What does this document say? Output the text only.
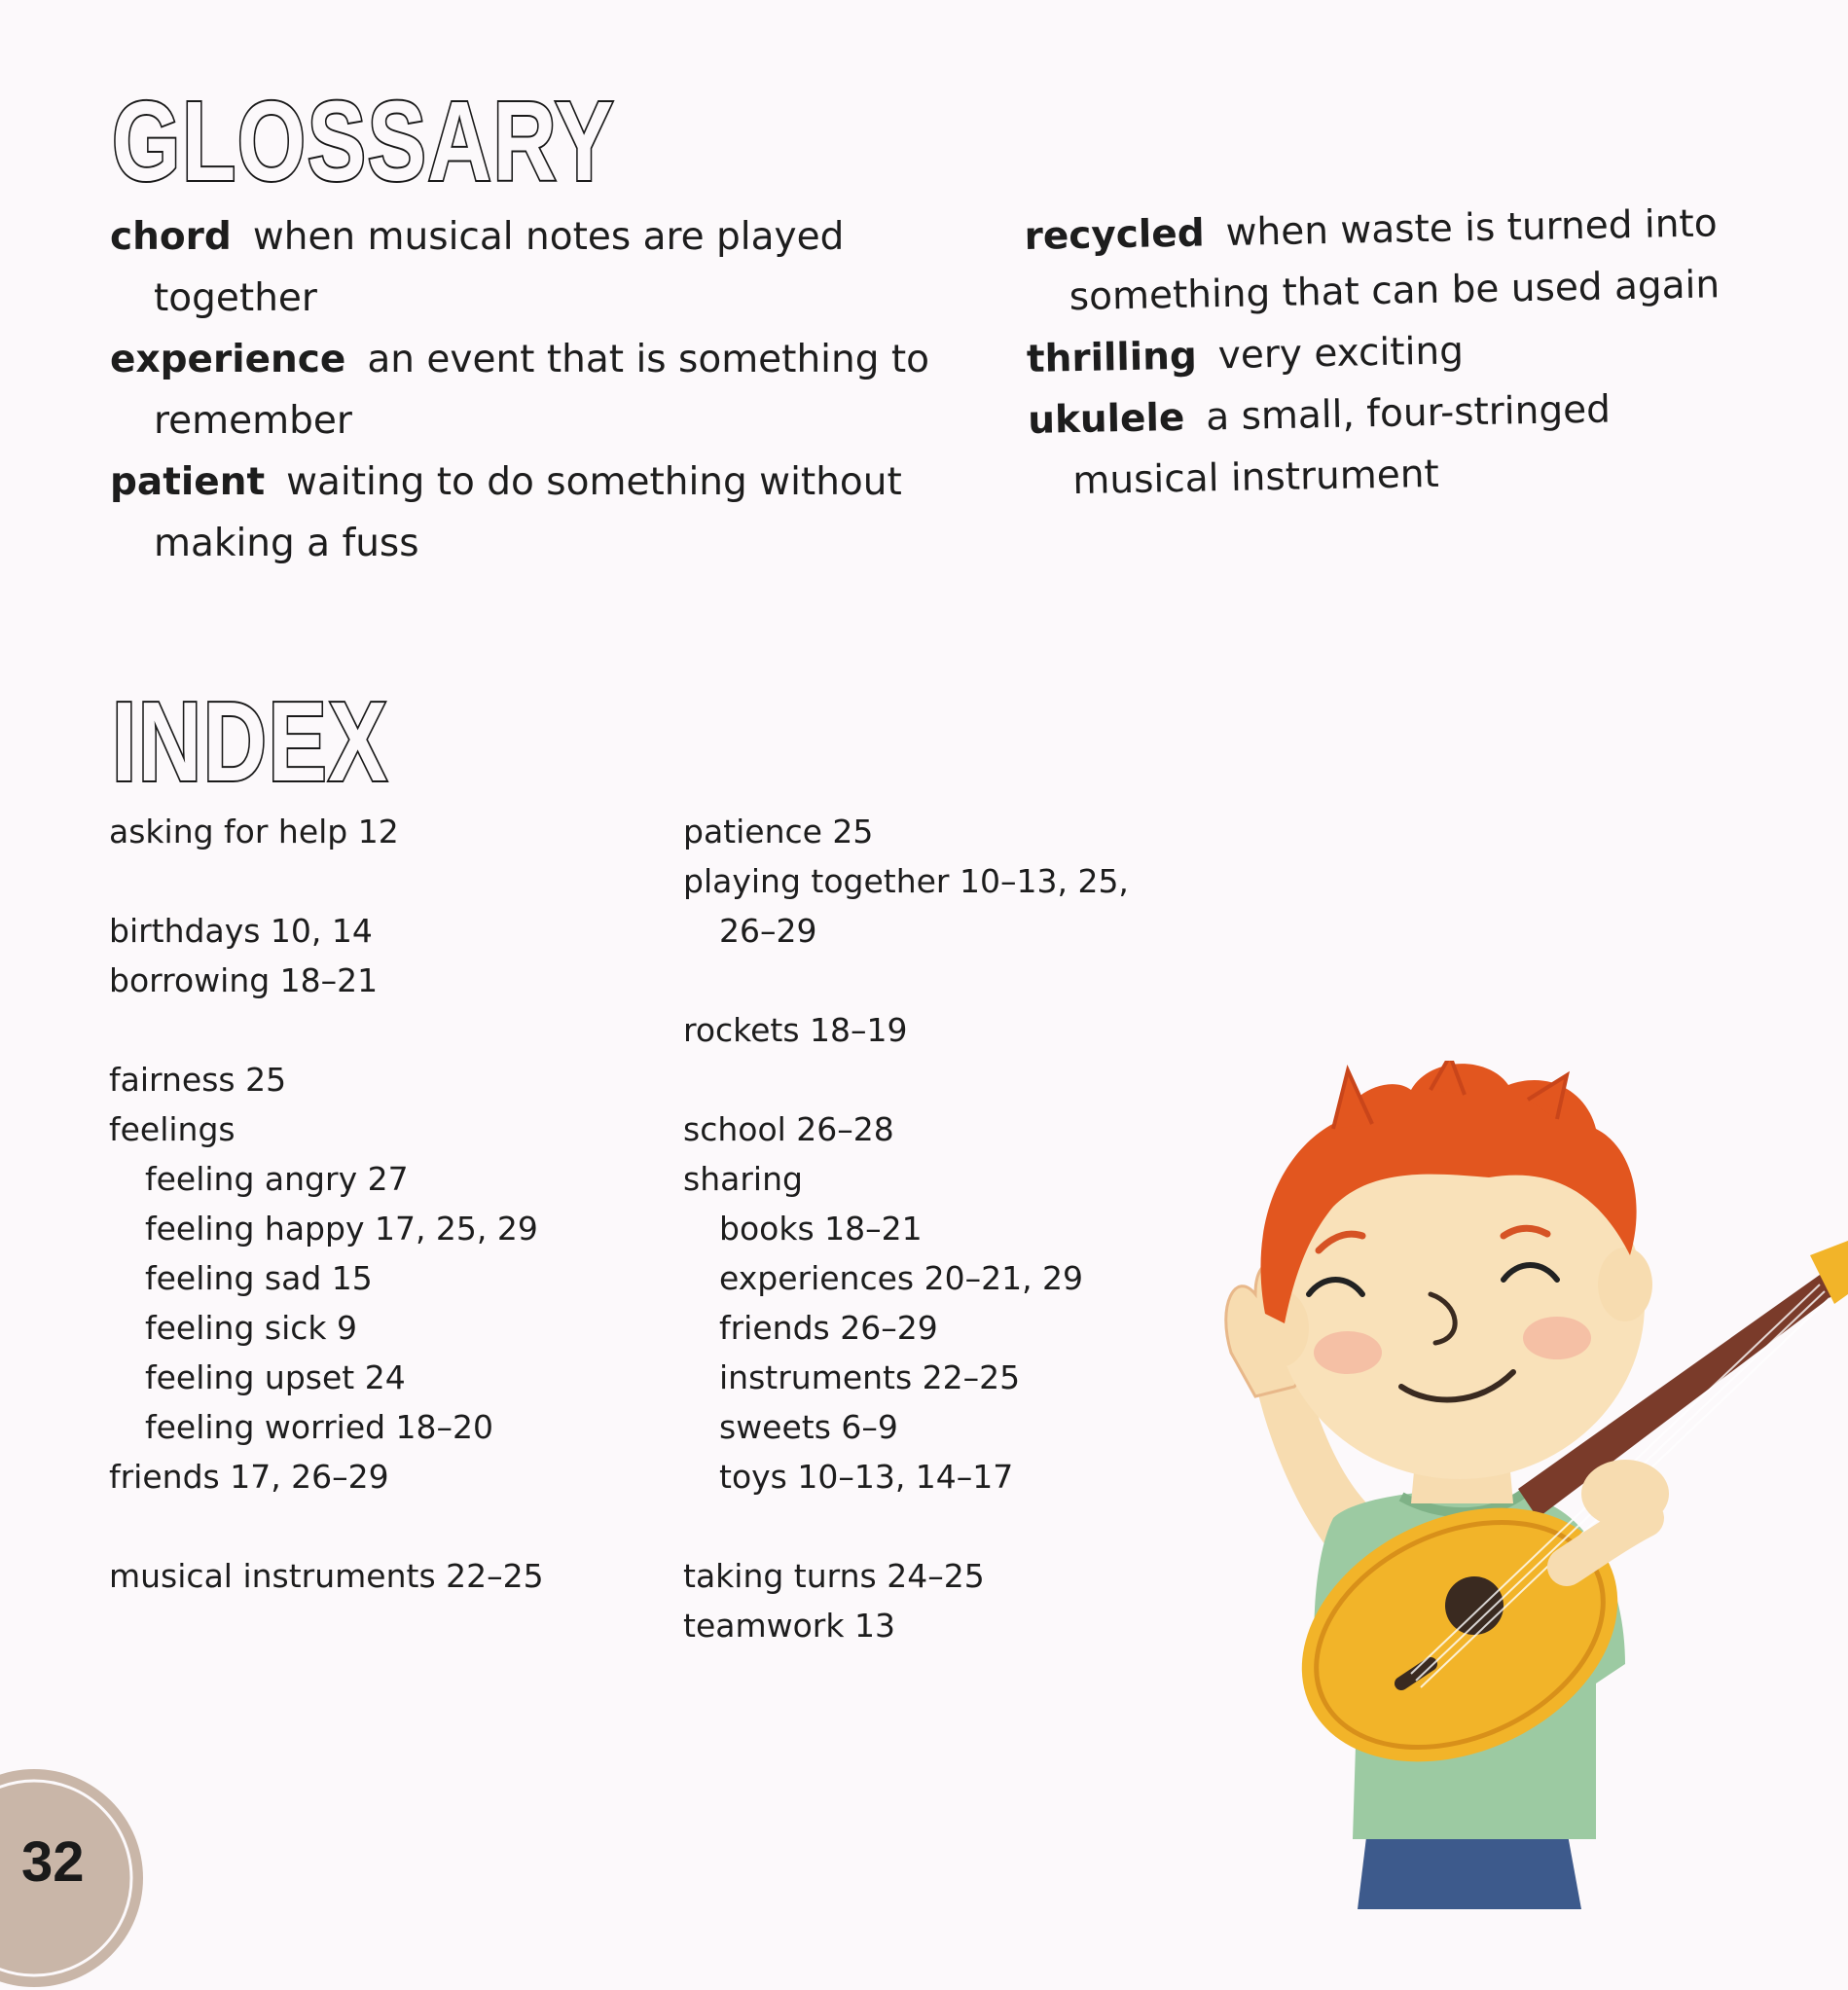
GLOSSARY
chord when musical notes are played together
experience an event that is something to remember
patient waiting to do something without making a fuss
recycled when waste is turned into something that can be used again
thrilling very exciting
ukulele a small, four-stringed musical instrument
INDEX
asking for help 12
birthdays 10, 14
borrowing 18–21
fairness 25
feelings
feeling angry 27
feeling happy 17, 25, 29
feeling sad 15
feeling sick 9
feeling upset 24
feeling worried 18–20
friends 17, 26–29
musical instruments 22–25
patience 25
playing together 10–13, 25,
26–29
rockets 18–19
school 26–28
sharing
books 18–21
experiences 20–21, 29
friends 26–29
instruments 22–25
sweets 6–9
toys 10–13, 14–17
taking turns 24–25
teamwork 13
32
